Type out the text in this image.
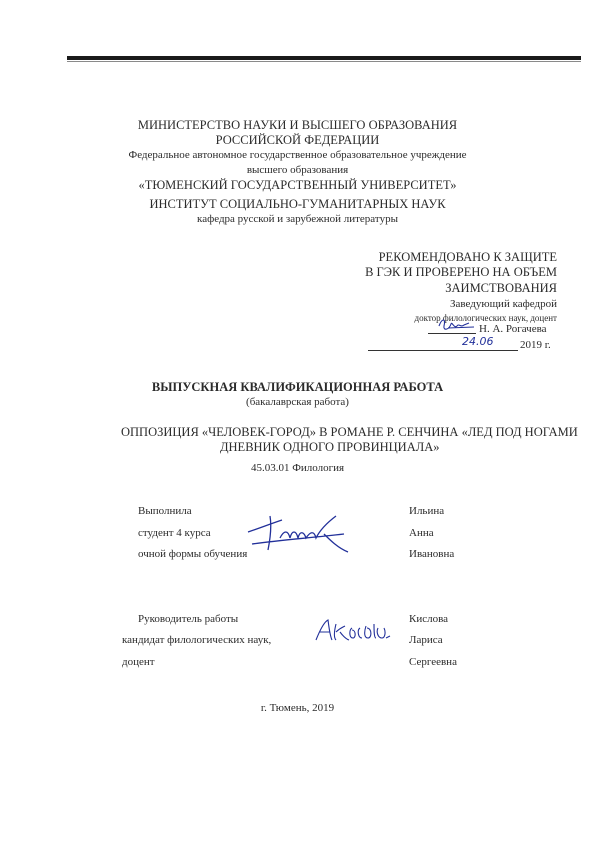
МИНИСТЕРСТВО НАУКИ И ВЫСШЕГО ОБРАЗОВАНИЯ
РОССИЙСКОЙ ФЕДЕРАЦИИ
Федеральное автономное государственное образовательное учреждение
высшего образования
«ТЮМЕНСКИЙ ГОСУДАРСТВЕННЫЙ УНИВЕРСИТЕТ»
ИНСТИТУТ СОЦИАЛЬНО-ГУМАНИТАРНЫХ НАУК
кафедра русской и зарубежной литературы
РЕКОМЕНДОВАНО К ЗАЩИТЕ
В ГЭК И ПРОВЕРЕНО НА ОБЪЕМ
ЗАИМСТВОВАНИЯ
Заведующий кафедрой
доктор филологических наук, доцент
Н. А. Рогачева
24.06 2019 г.
ВЫПУСКНАЯ КВАЛИФИКАЦИОННАЯ РАБОТА
(бакалаврская работа)
ОППОЗИЦИЯ «ЧЕЛОВЕК-ГОРОД» В РОМАНЕ Р. СЕНЧИНА «ЛЕД ПОД НОГАМИ
ДНЕВНИК ОДНОГО ПРОВИНЦИАЛА»
45.03.01 Филология
Выполнила
студент 4 курса
очной формы обучения
Ильина
Анна
Ивановна
Руководитель работы
кандидат филологических наук,
доцент
Кислова
Лариса
Сергеевна
г. Тюмень, 2019
